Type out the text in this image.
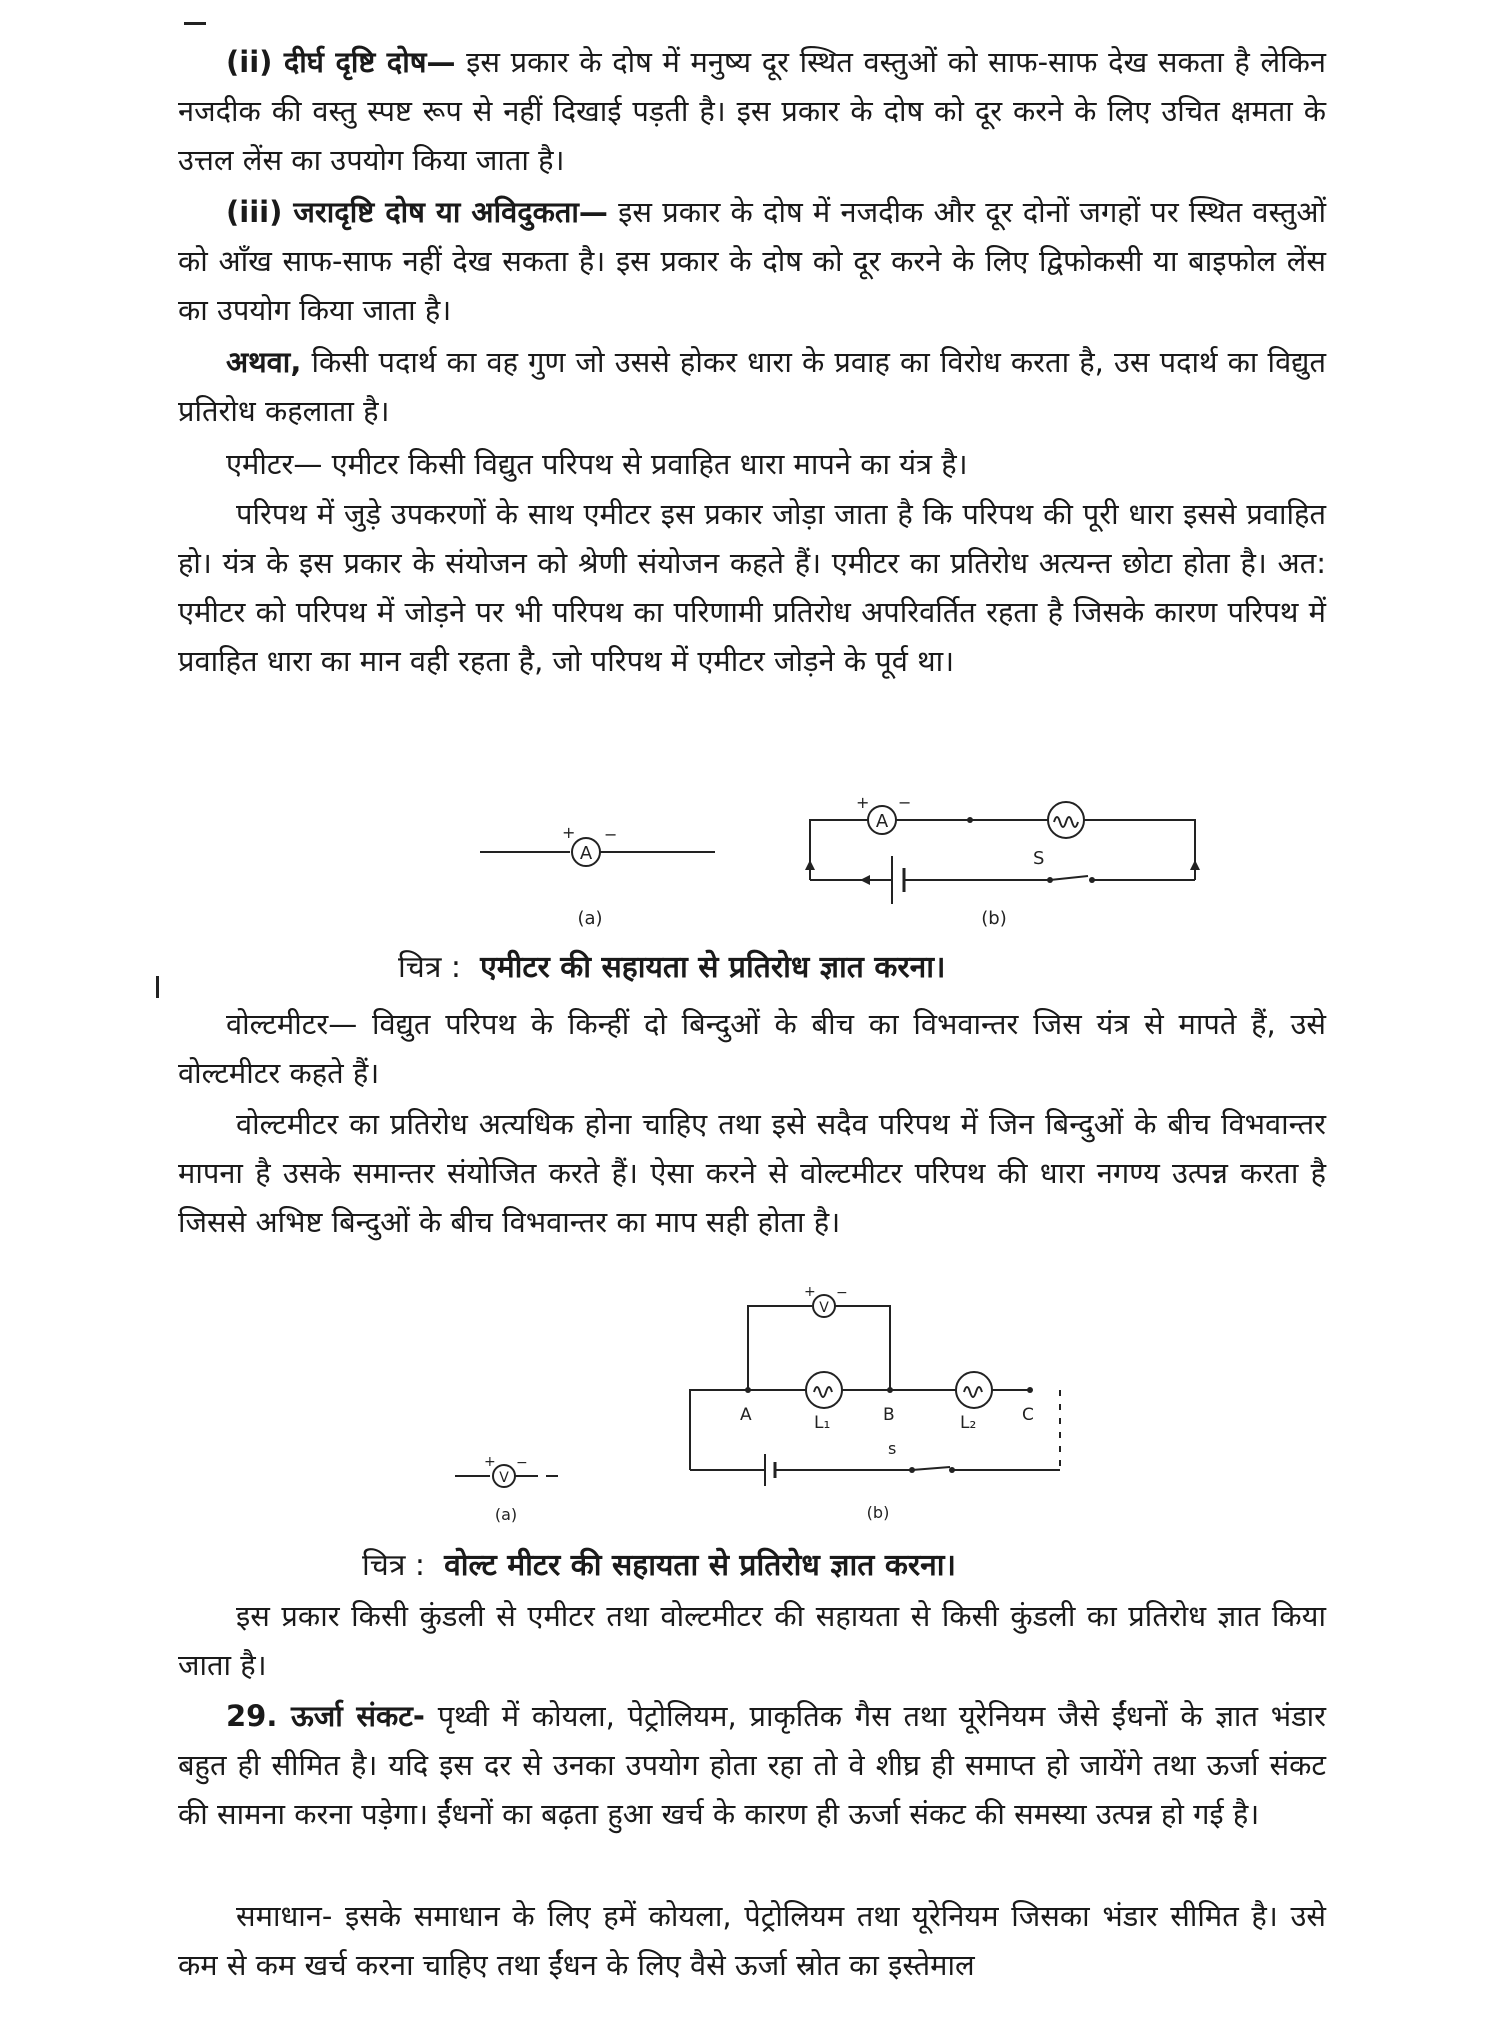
(ii) दीर्घ दृष्टि दोष— इस प्रकार के दोष में मनुष्य दूर स्थित वस्तुओं को साफ-साफ देख सकता है लेकिन नजदीक की वस्तु स्पष्ट रूप से नहीं दिखाई पड़ती है। इस प्रकार के दोष को दूर करने के लिए उचित क्षमता के उत्तल लेंस का उपयोग किया जाता है।

(iii) जरादृष्टि दोष या अविदुकता— इस प्रकार के दोष में नजदीक और दूर दोनों जगहों पर स्थित वस्तुओं को आँख साफ-साफ नहीं देख सकता है। इस प्रकार के दोष को दूर करने के लिए द्विफोकसी या बाइफोल लेंस का उपयोग किया जाता है।

अथवा, किसी पदार्थ का वह गुण जो उससे होकर धारा के प्रवाह का विरोध करता है, उस पदार्थ का विद्युत प्रतिरोध कहलाता है।

एमीटर— एमीटर किसी विद्युत परिपथ से प्रवाहित धारा मापने का यंत्र है।

परिपथ में जुड़े उपकरणों के साथ एमीटर इस प्रकार जोड़ा जाता है कि परिपथ की पूरी धारा इससे प्रवाहित हो। यंत्र के इस प्रकार के संयोजन को श्रेणी संयोजन कहते हैं। एमीटर का प्रतिरोध अत्यन्त छोटा होता है। अत: एमीटर को परिपथ में जोड़ने पर भी परिपथ का परिणामी प्रतिरोध अपरिवर्तित रहता है जिसके कारण परिपथ में प्रवाहित धारा का मान वही रहता है, जो परिपथ में एमीटर जोड़ने के पूर्व था।

A
+ −
(a)
A
+ −
S
(b)
चित्र : एमीटर की सहायता से प्रतिरोध ज्ञात करना।

वोल्टमीटर— विद्युत परिपथ के किन्हीं दो बिन्दुओं के बीच का विभवान्तर जिस यंत्र से मापते हैं, उसे वोल्टमीटर कहते हैं।

वोल्टमीटर का प्रतिरोध अत्यधिक होना चाहिए तथा इसे सदैव परिपथ में जिन बिन्दुओं के बीच विभवान्तर मापना है उसके समान्तर संयोजित करते हैं। ऐसा करने से वोल्टमीटर परिपथ की धारा नगण्य उत्पन्न करता है जिससे अभिष्ट बिन्दुओं के बीच विभवान्तर का माप सही होता है।

V
+ −
(a)
V
+ −
A	L₁	B	L₂	C
s
(b)
चित्र : वोल्ट मीटर की सहायता से प्रतिरोध ज्ञात करना।

इस प्रकार किसी कुंडली से एमीटर तथा वोल्टमीटर की सहायता से किसी कुंडली का प्रतिरोध ज्ञात किया जाता है।

29. ऊर्जा संकट- पृथ्वी में कोयला, पेट्रोलियम, प्राकृतिक गैस तथा यूरेनियम जैसे ईंधनों के ज्ञात भंडार बहुत ही सीमित है। यदि इस दर से उनका उपयोग होता रहा तो वे शीघ्र ही समाप्त हो जायेंगे तथा ऊर्जा संकट की सामना करना पड़ेगा। ईंधनों का बढ़ता हुआ खर्च के कारण ही ऊर्जा संकट की समस्या उत्पन्न हो गई है।

समाधान- इसके समाधान के लिए हमें कोयला, पेट्रोलियम तथा यूरेनियम जिसका भंडार सीमित है। उसे कम से कम खर्च करना चाहिए तथा ईंधन के लिए वैसे ऊर्जा स्रोत का इस्तेमाल
